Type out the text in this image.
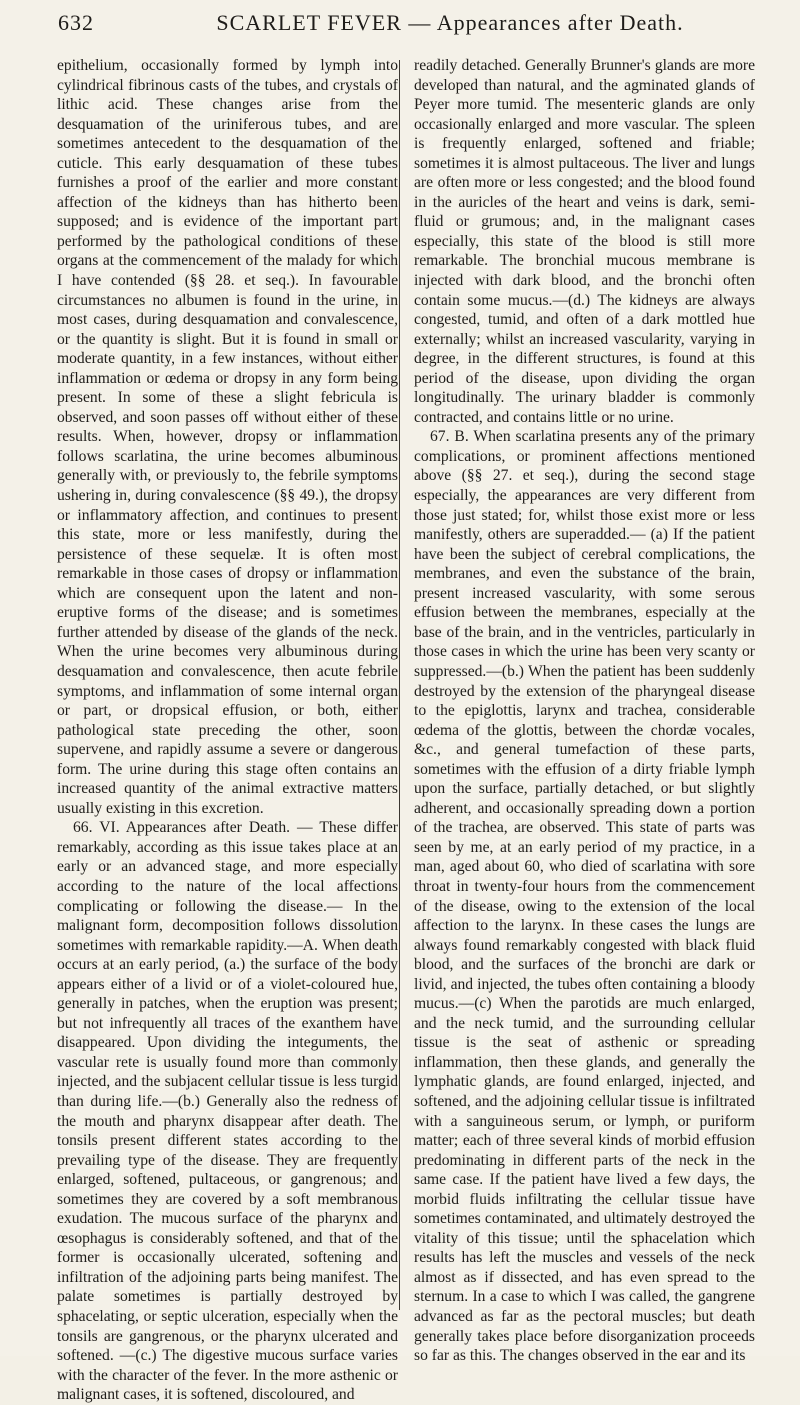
632	SCARLET FEVER — Appearances after Death.

epithelium, occasionally formed by lymph into cylindrical fibrinous casts of the tubes, and crystals of lithic acid. These changes arise from the desquamation of the uriniferous tubes, and are sometimes antecedent to the desquamation of the cuticle. This early desquamation of these tubes furnishes a proof of the earlier and more constant affection of the kidneys than has hitherto been supposed; and is evidence of the important part performed by the pathological conditions of these organs at the commencement of the malady for which I have contended (§§ 28. et seq.). In favourable circumstances no albumen is found in the urine, in most cases, during desquamation and convalescence, or the quantity is slight. But it is found in small or moderate quantity, in a few instances, without either inflammation or œdema or dropsy in any form being present. In some of these a slight febricula is observed, and soon passes off without either of these results. When, however, dropsy or inflammation follows scarlatina, the urine becomes albuminous generally with, or previously to, the febrile symptoms ushering in, during convalescence (§§ 49.), the dropsy or inflammatory affection, and continues to present this state, more or less manifestly, during the persistence of these sequelæ. It is often most remarkable in those cases of dropsy or inflammation which are consequent upon the latent and non-eruptive forms of the disease; and is sometimes further attended by disease of the glands of the neck. When the urine becomes very albuminous during desquamation and convalescence, then acute febrile symptoms, and inflammation of some internal organ or part, or dropsical effusion, or both, either pathological state preceding the other, soon supervene, and rapidly assume a severe or dangerous form. The urine during this stage often contains an increased quantity of the animal extractive matters usually existing in this excretion.

66. VI. Appearances after Death. — These differ remarkably, according as this issue takes place at an early or an advanced stage, and more especially according to the nature of the local affections complicating or following the disease.— In the malignant form, decomposition follows dissolution sometimes with remarkable rapidity.—A. When death occurs at an early period, (a.) the surface of the body appears either of a livid or of a violet-coloured hue, generally in patches, when the eruption was present; but not infrequently all traces of the exanthem have disappeared. Upon dividing the integuments, the vascular rete is usually found more than commonly injected, and the subjacent cellular tissue is less turgid than during life.—(b.) Generally also the redness of the mouth and pharynx disappear after death. The tonsils present different states according to the prevailing type of the disease. They are frequently enlarged, softened, pultaceous, or gangrenous; and sometimes they are covered by a soft membranous exudation. The mucous surface of the pharynx and œsophagus is considerably softened, and that of the former is occasionally ulcerated, softening and infiltration of the adjoining parts being manifest. The palate sometimes is partially destroyed by sphacelating, or septic ulceration, especially when the tonsils are gangrenous, or the pharynx ulcerated and softened. —(c.) The digestive mucous surface varies with the character of the fever. In the more asthenic or malignant cases, it is softened, discoloured, and

readily detached. Generally Brunner's glands are more developed than natural, and the agminated glands of Peyer more tumid. The mesenteric glands are only occasionally enlarged and more vascular. The spleen is frequently enlarged, softened and friable; sometimes it is almost pultaceous. The liver and lungs are often more or less congested; and the blood found in the auricles of the heart and veins is dark, semi-fluid or grumous; and, in the malignant cases especially, this state of the blood is still more remarkable. The bronchial mucous membrane is injected with dark blood, and the bronchi often contain some mucus.—(d.) The kidneys are always congested, tumid, and often of a dark mottled hue externally; whilst an increased vascularity, varying in degree, in the different structures, is found at this period of the disease, upon dividing the organ longitudinally. The urinary bladder is commonly contracted, and contains little or no urine.

67. B. When scarlatina presents any of the primary complications, or prominent affections mentioned above (§§ 27. et seq.), during the second stage especially, the appearances are very different from those just stated; for, whilst those exist more or less manifestly, others are superadded.— (a) If the patient have been the subject of cerebral complications, the membranes, and even the substance of the brain, present increased vascularity, with some serous effusion between the membranes, especially at the base of the brain, and in the ventricles, particularly in those cases in which the urine has been very scanty or suppressed.—(b.) When the patient has been suddenly destroyed by the extension of the pharyngeal disease to the epiglottis, larynx and trachea, considerable œdema of the glottis, between the chordæ vocales, &c., and general tumefaction of these parts, sometimes with the effusion of a dirty friable lymph upon the surface, partially detached, or but slightly adherent, and occasionally spreading down a portion of the trachea, are observed. This state of parts was seen by me, at an early period of my practice, in a man, aged about 60, who died of scarlatina with sore throat in twenty-four hours from the commencement of the disease, owing to the extension of the local affection to the larynx. In these cases the lungs are always found remarkably congested with black fluid blood, and the surfaces of the bronchi are dark or livid, and injected, the tubes often containing a bloody mucus.—(c) When the parotids are much enlarged, and the neck tumid, and the surrounding cellular tissue is the seat of asthenic or spreading inflammation, then these glands, and generally the lymphatic glands, are found enlarged, injected, and softened, and the adjoining cellular tissue is infiltrated with a sanguineous serum, or lymph, or puriform matter; each of three several kinds of morbid effusion predominating in different parts of the neck in the same case. If the patient have lived a few days, the morbid fluids infiltrating the cellular tissue have sometimes contaminated, and ultimately destroyed the vitality of this tissue; until the sphacelation which results has left the muscles and vessels of the neck almost as if dissected, and has even spread to the sternum. In a case to which I was called, the gangrene advanced as far as the pectoral muscles; but death generally takes place before disorganization proceeds so far as this. The changes observed in the ear and its
